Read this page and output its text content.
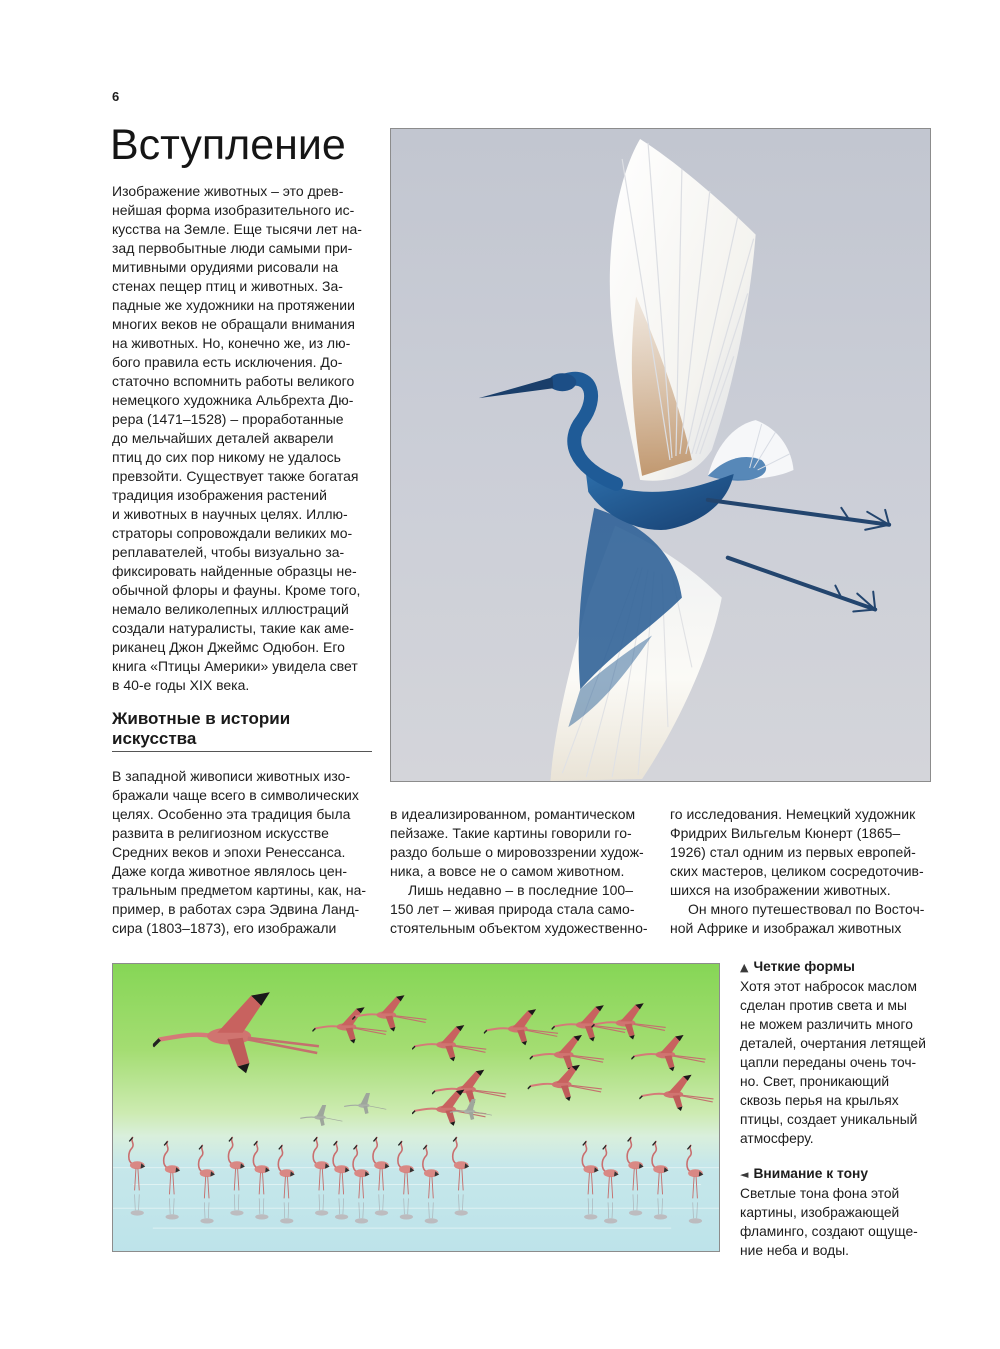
6
Вступление
Изображение животных – это древ-
нейшая форма изобразительного ис-
кусства на Земле. Еще тысячи лет на-
зад первобытные люди самыми при-
митивными орудиями рисовали на
стенах пещер птиц и животных. За-
падные же художники на протяжении
многих веков не обращали внимания
на животных. Но, конечно же, из лю-
бого правила есть исключения. До-
статочно вспомнить работы великого
немецкого художника Альбрехта Дю-
рера (1471–1528) – проработанные
до мельчайших деталей акварели
птиц до сих пор никому не удалось
превзойти. Существует также богатая
традиция изображения растений
и животных в научных целях. Иллю-
страторы сопровождали великих мо-
реплавателей, чтобы визуально за-
фиксировать найденные образцы не-
обычной флоры и фауны. Кроме того,
немало великолепных иллюстраций
создали натуралисты, такие как аме-
риканец Джон Джеймс Одюбон. Его
книга «Птицы Америки» увидела свет
в 40-е годы XIX века.
Животные в истории
искусства
В западной живописи животных изо-
бражали чаще всего в символических
целях. Особенно эта традиция была
развита в религиозном искусстве
Средних веков и эпохи Ренессанса.
Даже когда животное являлось цен-
тральным предметом картины, как, на-
пример, в работах сэра Эдвина Ланд-
сира (1803–1873), его изображали
в идеализированном, романтическом
пейзаже. Такие картины говорили го-
раздо больше о мировоззрении худож-
ника, а вовсе не о самом животном.
Лишь недавно – в последние 100–
150 лет – живая природа стала само-
стоятельным объектом художественно-
го исследования. Немецкий художник
Фридрих Вильгельм Кюнерт (1865–
1926) стал одним из первых европей-
ских мастеров, целиком сосредоточив-
шихся на изображении животных.
Он много путешествовал по Восточ-
ной Африке и изображал животных
▲ Четкие формы
Хотя этот набросок маслом
сделан против света и мы
не можем различить много
деталей, очертания летящей
цапли переданы очень точ-
но. Свет, проникающий
сквозь перья на крыльях
птицы, создает уникальный
атмосферу.
◄ Внимание к тону
Светлые тона фона этой
картины, изображающей
фламинго, создают ощуще-
ние неба и воды.
